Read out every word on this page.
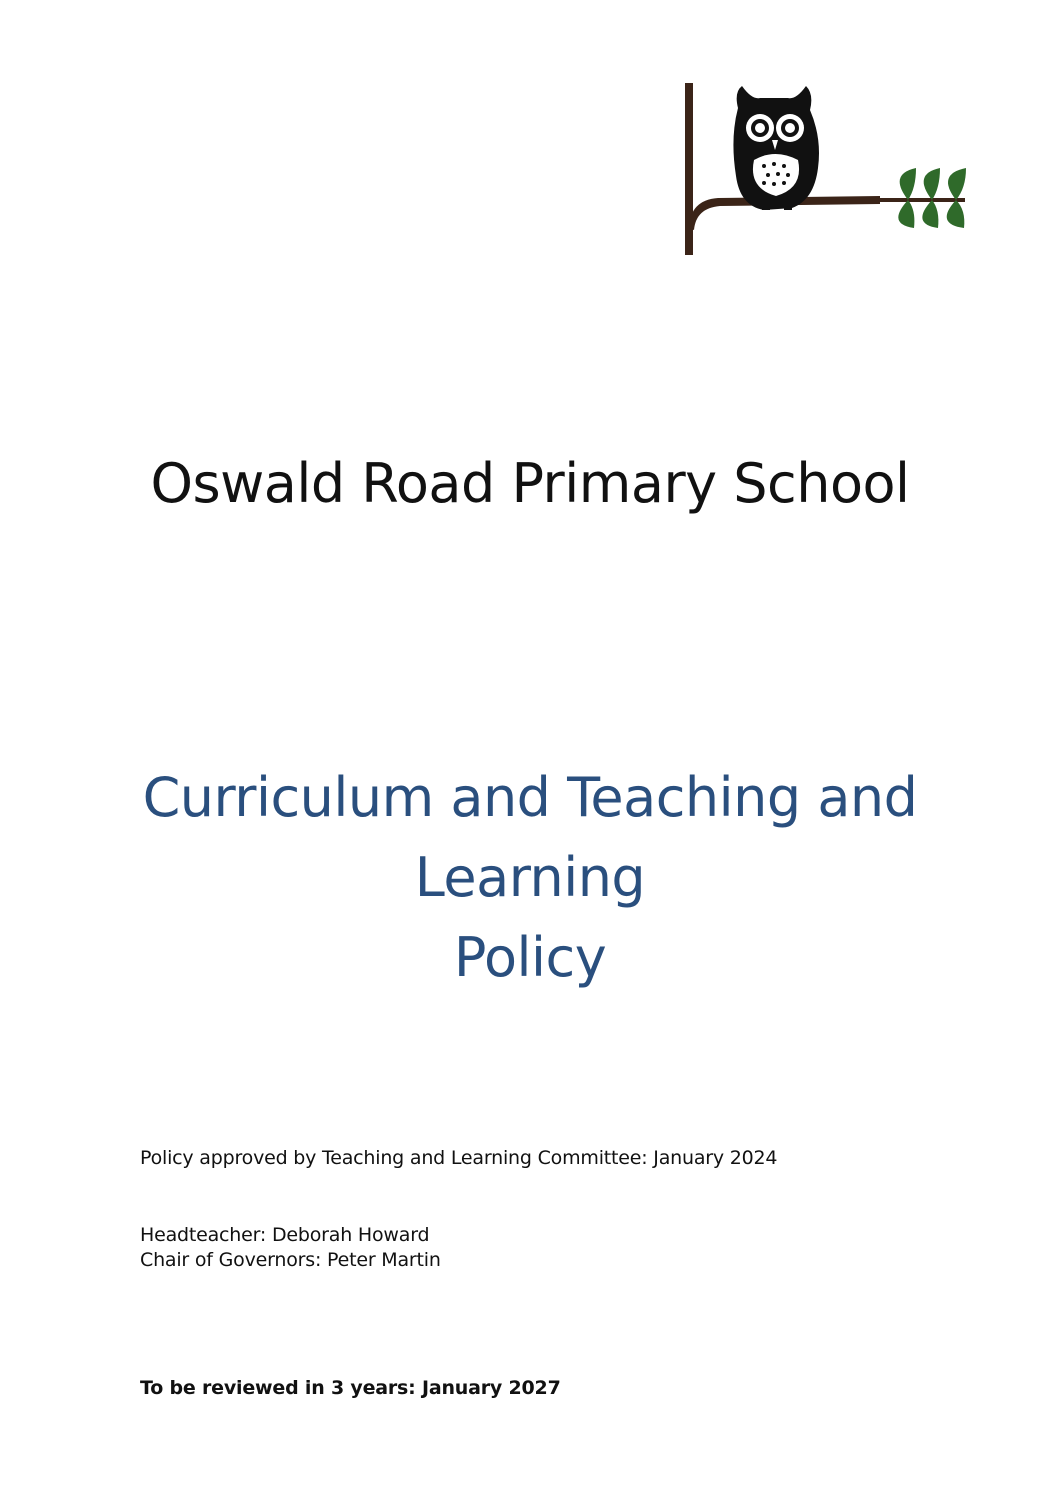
Oswald Road Primary School
Curriculum and Teaching and
Learning
Policy
Policy approved by Teaching and Learning Committee: January 2024
Headteacher: Deborah Howard
Chair of Governors: Peter Martin
To be reviewed in 3 years: January 2027
